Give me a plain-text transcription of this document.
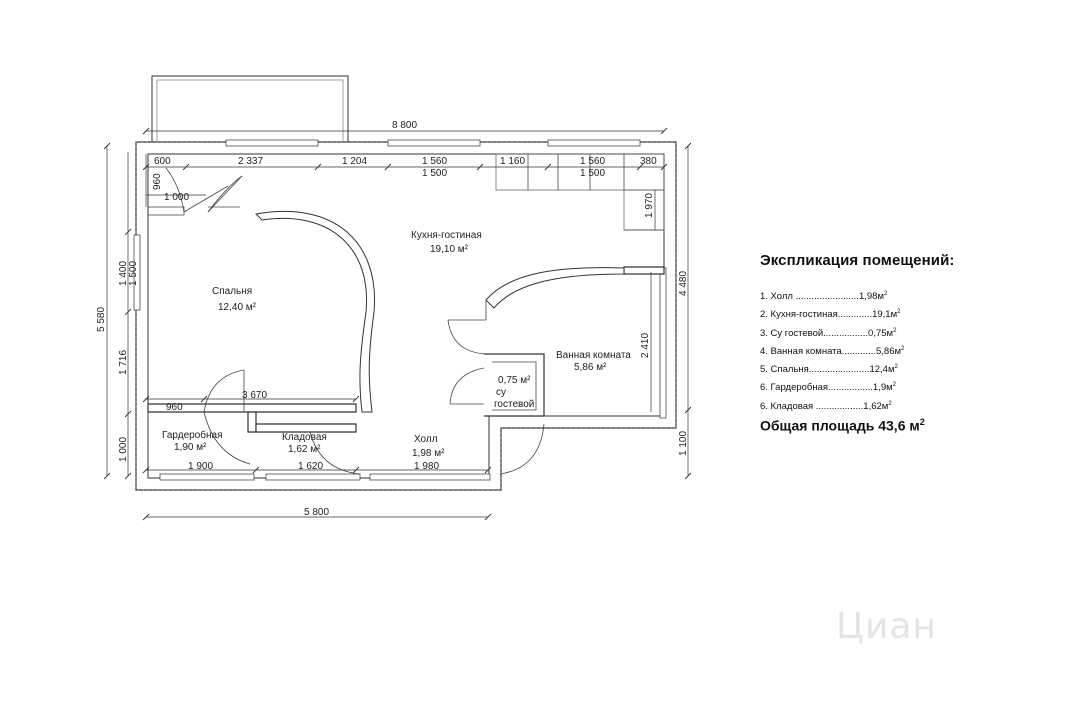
8 800
600	2 337	1 204	1 560	1 160	1 560	380
1 500	1 500
960
1 000	1 970
4 480
2 410
1 100
5 580
1 400 1 500
1 716
1 000
3 670
960
1 900	1 620	1 980
5 800
Кухня-гостиная
19,10 м²
Спальня
12,40 м²
Ванная комната
5,86 м²
0,75 м²
су
гостевой
Гардеробная
1,90 м²
Кладовая
1,62 м²
Холл
1,98 м²
Экспликация помещений:
1. Холл $........................1,98м^2$
2. Кухня-$гостиная.............19,1м^2$
3. Су $гостевой.................0,75м^2$
4. Ванная $комната.............5,86м^2$
5. $Спальня.......................12,4м^2$
6. $Гардеробная.................1,9м^2$
6. Кладовая $..................1,62м^2$
Общая площадь 43,6 $м^2$
Циан
